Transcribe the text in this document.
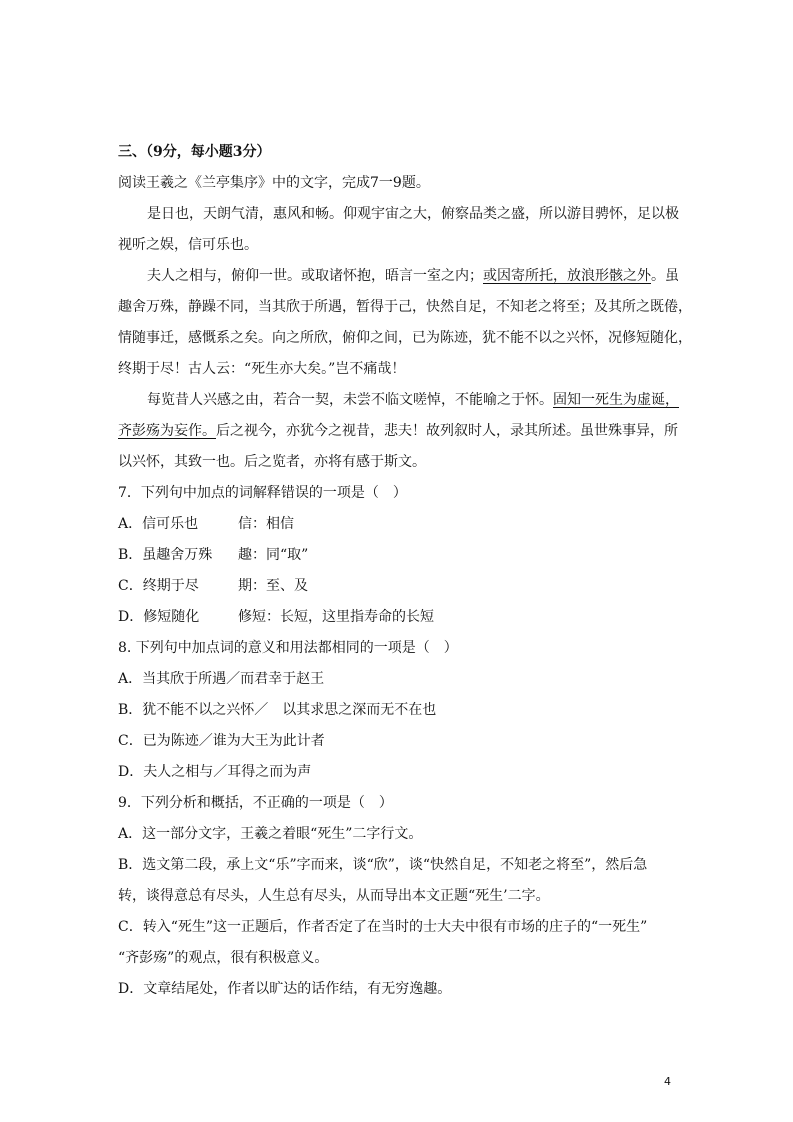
三、（9分，每小题3分）
阅读王羲之《兰亭集序》中的文字，完成7一9题。
是日也，天朗气清，惠风和畅。仰观宇宙之大，俯察品类之盛，所以游目骋怀，足以极
视听之娱，信可乐也。
夫人之相与，俯仰一世。或取诸怀抱，晤言一室之内；或因寄所托，放浪形骸之外。虽
趣舍万殊，静躁不同，当其欣于所遇，暂得于己，快然自足，不知老之将至；及其所之既倦，
情随事迁，感慨系之矣。向之所欣，俯仰之间，已为陈迹，犹不能不以之兴怀，况修短随化，
终期于尽！古人云：“死生亦大矣。”岂不痛哉！
每览昔人兴感之由，若合一契，未尝不临文嗟悼，不能喻之于怀。固知一死生为虚诞，
齐彭殇为妄作。后之视今，亦犹今之视昔，悲夫！故列叙时人，录其所述。虽世殊事异，所
以兴怀，其致一也。后之览者，亦将有感于斯文。
7．下列句中加点的词解释错误的一项是（　）
A．信可乐也	信：相信
B．虽趣舍万殊 趣：同“取”
C．终期于尽	期：至、及
D．修短随化	修短：长短，这里指寿命的长短
8. 下列句中加点词的意义和用法都相同的一项是（　）
A．当其欣于所遇／而君幸于赵王
B．犹不能不以之兴怀／　以其求思之深而无不在也
C．已为陈迹／谁为大王为此计者
D．夫人之相与／耳得之而为声
9．下列分析和概括，不正确的一项是（　）
A．这一部分文字，王羲之着眼“死生”二字行文。
B．选文第二段，承上文“乐”字而来，谈“欣”，谈“快然自足，不知老之将至”，然后急
转，谈得意总有尽头，人生总有尽头，从而导出本文正题“死生’二字。
C．转入“死生”这一正题后，作者否定了在当时的士大夫中很有市场的庄子的“一死生”
“齐彭殇”的观点，很有积极意义。
D．文章结尾处，作者以旷达的话作结，有无穷逸趣。
4
